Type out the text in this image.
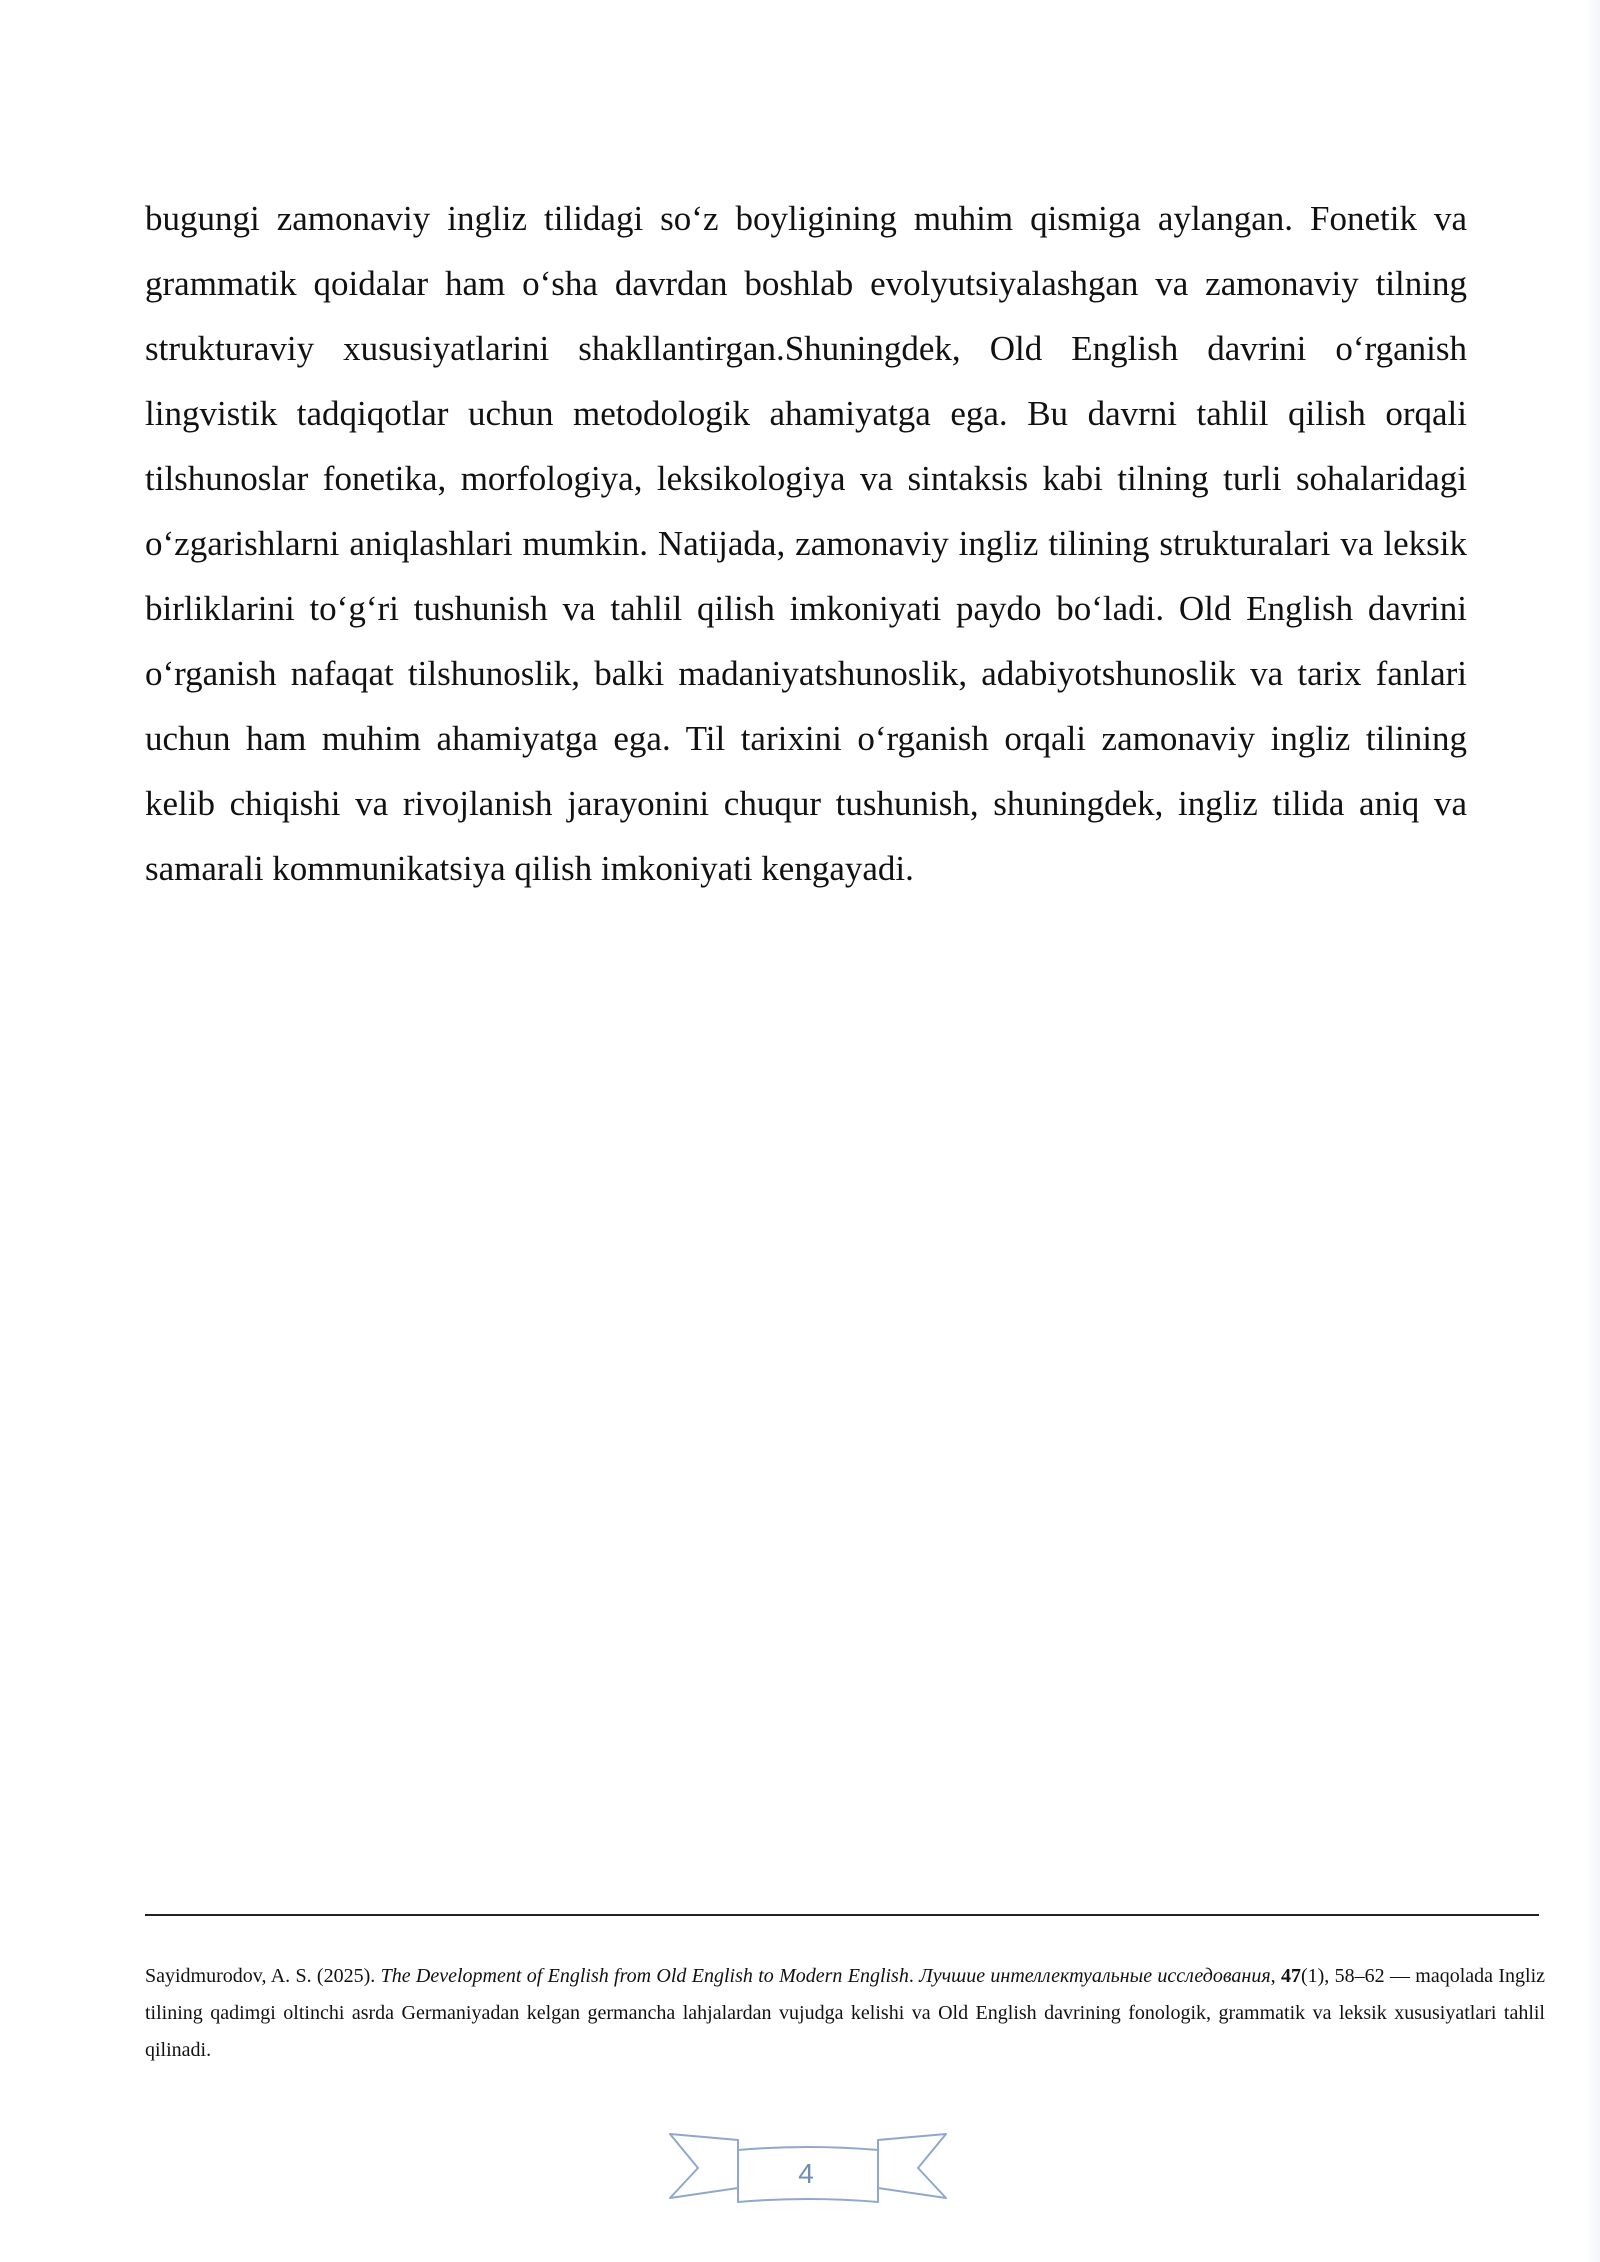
bugungi zamonaviy ingliz tilidagi so‘z boyligining muhim qismiga aylangan. Fonetik va grammatik qoidalar ham o‘sha davrdan boshlab evolyutsiyalashgan va zamonaviy tilning strukturaviy xususiyatlarini shakllantirgan.Shuningdek, Old English davrini o‘rganish lingvistik tadqiqotlar uchun metodologik ahamiyatga ega. Bu davrni tahlil qilish orqali tilshunoslar fonetika, morfologiya, leksikologiya va sintaksis kabi tilning turli sohalaridagi o‘zgarishlarni aniqlashlari mumkin. Natijada, zamonaviy ingliz tilining strukturalari va leksik birliklarini to‘g‘ri tushunish va tahlil qilish imkoniyati paydo bo‘ladi. Old English davrini o‘rganish nafaqat tilshunoslik, balki madaniyatshunoslik, adabiyotshunoslik va tarix fanlari uchun ham muhim ahamiyatga ega. Til tarixini o‘rganish orqali zamonaviy ingliz tilining kelib chiqishi va rivojlanish jarayonini chuqur tushunish, shuningdek, ingliz tilida aniq va samarali kommunikatsiya qilish imkoniyati kengayadi.

Sayidmurodov, A. S. (2025). The Development of English from Old English to Modern English. Лучшие интеллектуальные исследования, 47(1), 58–62 — maqolada Ingliz tilining qadimgi oltinchi asrda Germaniyadan kelgan germancha lahjalardan vujudga kelishi va Old English davrining fonologik, grammatik va leksik xususiyatlari tahlil qilinadi.

4
